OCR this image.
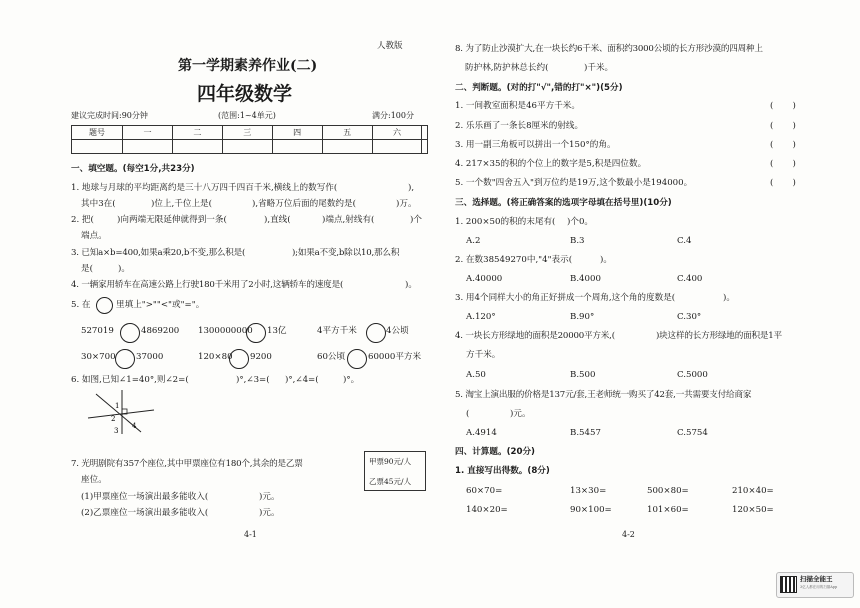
人教版
第一学期素养作业(二)
四年级数学
建议完成时间:90分钟	(范围:1~4单元)	满分:100分
题号	一	二	三	四	五	六	

一、填空题。(每空1分,共23分)
1. 地球与月球的平均距离约是三十八万四千四百千米,横线上的数写作(	),
其中3在(	)位上,千位上是(	),省略万位后面的尾数约是(	)万。
2. 把(	)向两端无限延伸就得到一条(	),直线(	)端点,射线有(	)个
端点。
3. 已知a×b=400,如果a乘20,b不变,那么积是(	);如果a不变,b除以10,那么积
是(	)。
4. 一辆家用轿车在高速公路上行驶180千米用了2小时,这辆轿车的速度是(	)。
5. 在	里填上">""<"或"="。
527019	4869200 1300000000 13亿	4平方千米	4公顷
30×700 37000	120×80 9200	60公顷	60000平方米
6. 如图,已知∠1=40°,则∠2=(	)°,∠3=( )°,∠4=(	)°。
1
2
3
4
7. 光明剧院有357个座位,其中甲票座位有180个,其余的是乙票
座位。
甲票90元/人
乙票45元/人
(1)甲票座位一场演出最多能收入(	)元。
(2)乙票座位一场演出最多能收入(	)元。
4-1
8. 为了防止沙漠扩大,在一块长约6千米、面积约3000公顷的长方形沙漠的四周种上
防护林,防护林总长约(	)千米。
二、判断题。(对的打"√",错的打"×")(5分)
1. 一间教室面积是46平方千米。
2. 乐乐画了一条长8厘米的射线。
3. 用一副三角板可以拼出一个150°的角。
4. 217×35的积的个位上的数字是5,积是四位数。
5. 一个数"四舍五入"到万位约是19万,这个数最小是194000。
(       )
(       )
(       )
(       )
(       )
三、选择题。(将正确答案的选项字母填在括号里)(10分)
1. 200×50的积的末尾有( )个0。
A.2	B.3	C.4
2. 在数38549270中,"4"表示(	)。
A.40000	B.4000	C.400
3. 用4个同样大小的角正好拼成一个周角,这个角的度数是(	)。
A.120°	B.90°	C.30°
4. 一块长方形绿地的面积是20000平方米,(	)块这样的长方形绿地的面积是1平
方千米。
A.50	B.500	C.5000
5. 淘宝上演出服的价格是137元/套,王老师统一购买了42套,一共需要支付给商家
(	)元。
A.4914	B.5457	C.5754
四、计算题。(20分)
1. 直接写出得数。(8分)
60×70=	13×30=	500×80=	210×40=
140×20=	90×100=	101×60=	120×50=
4-2
扫描全能王
3亿人都在用的扫描App
